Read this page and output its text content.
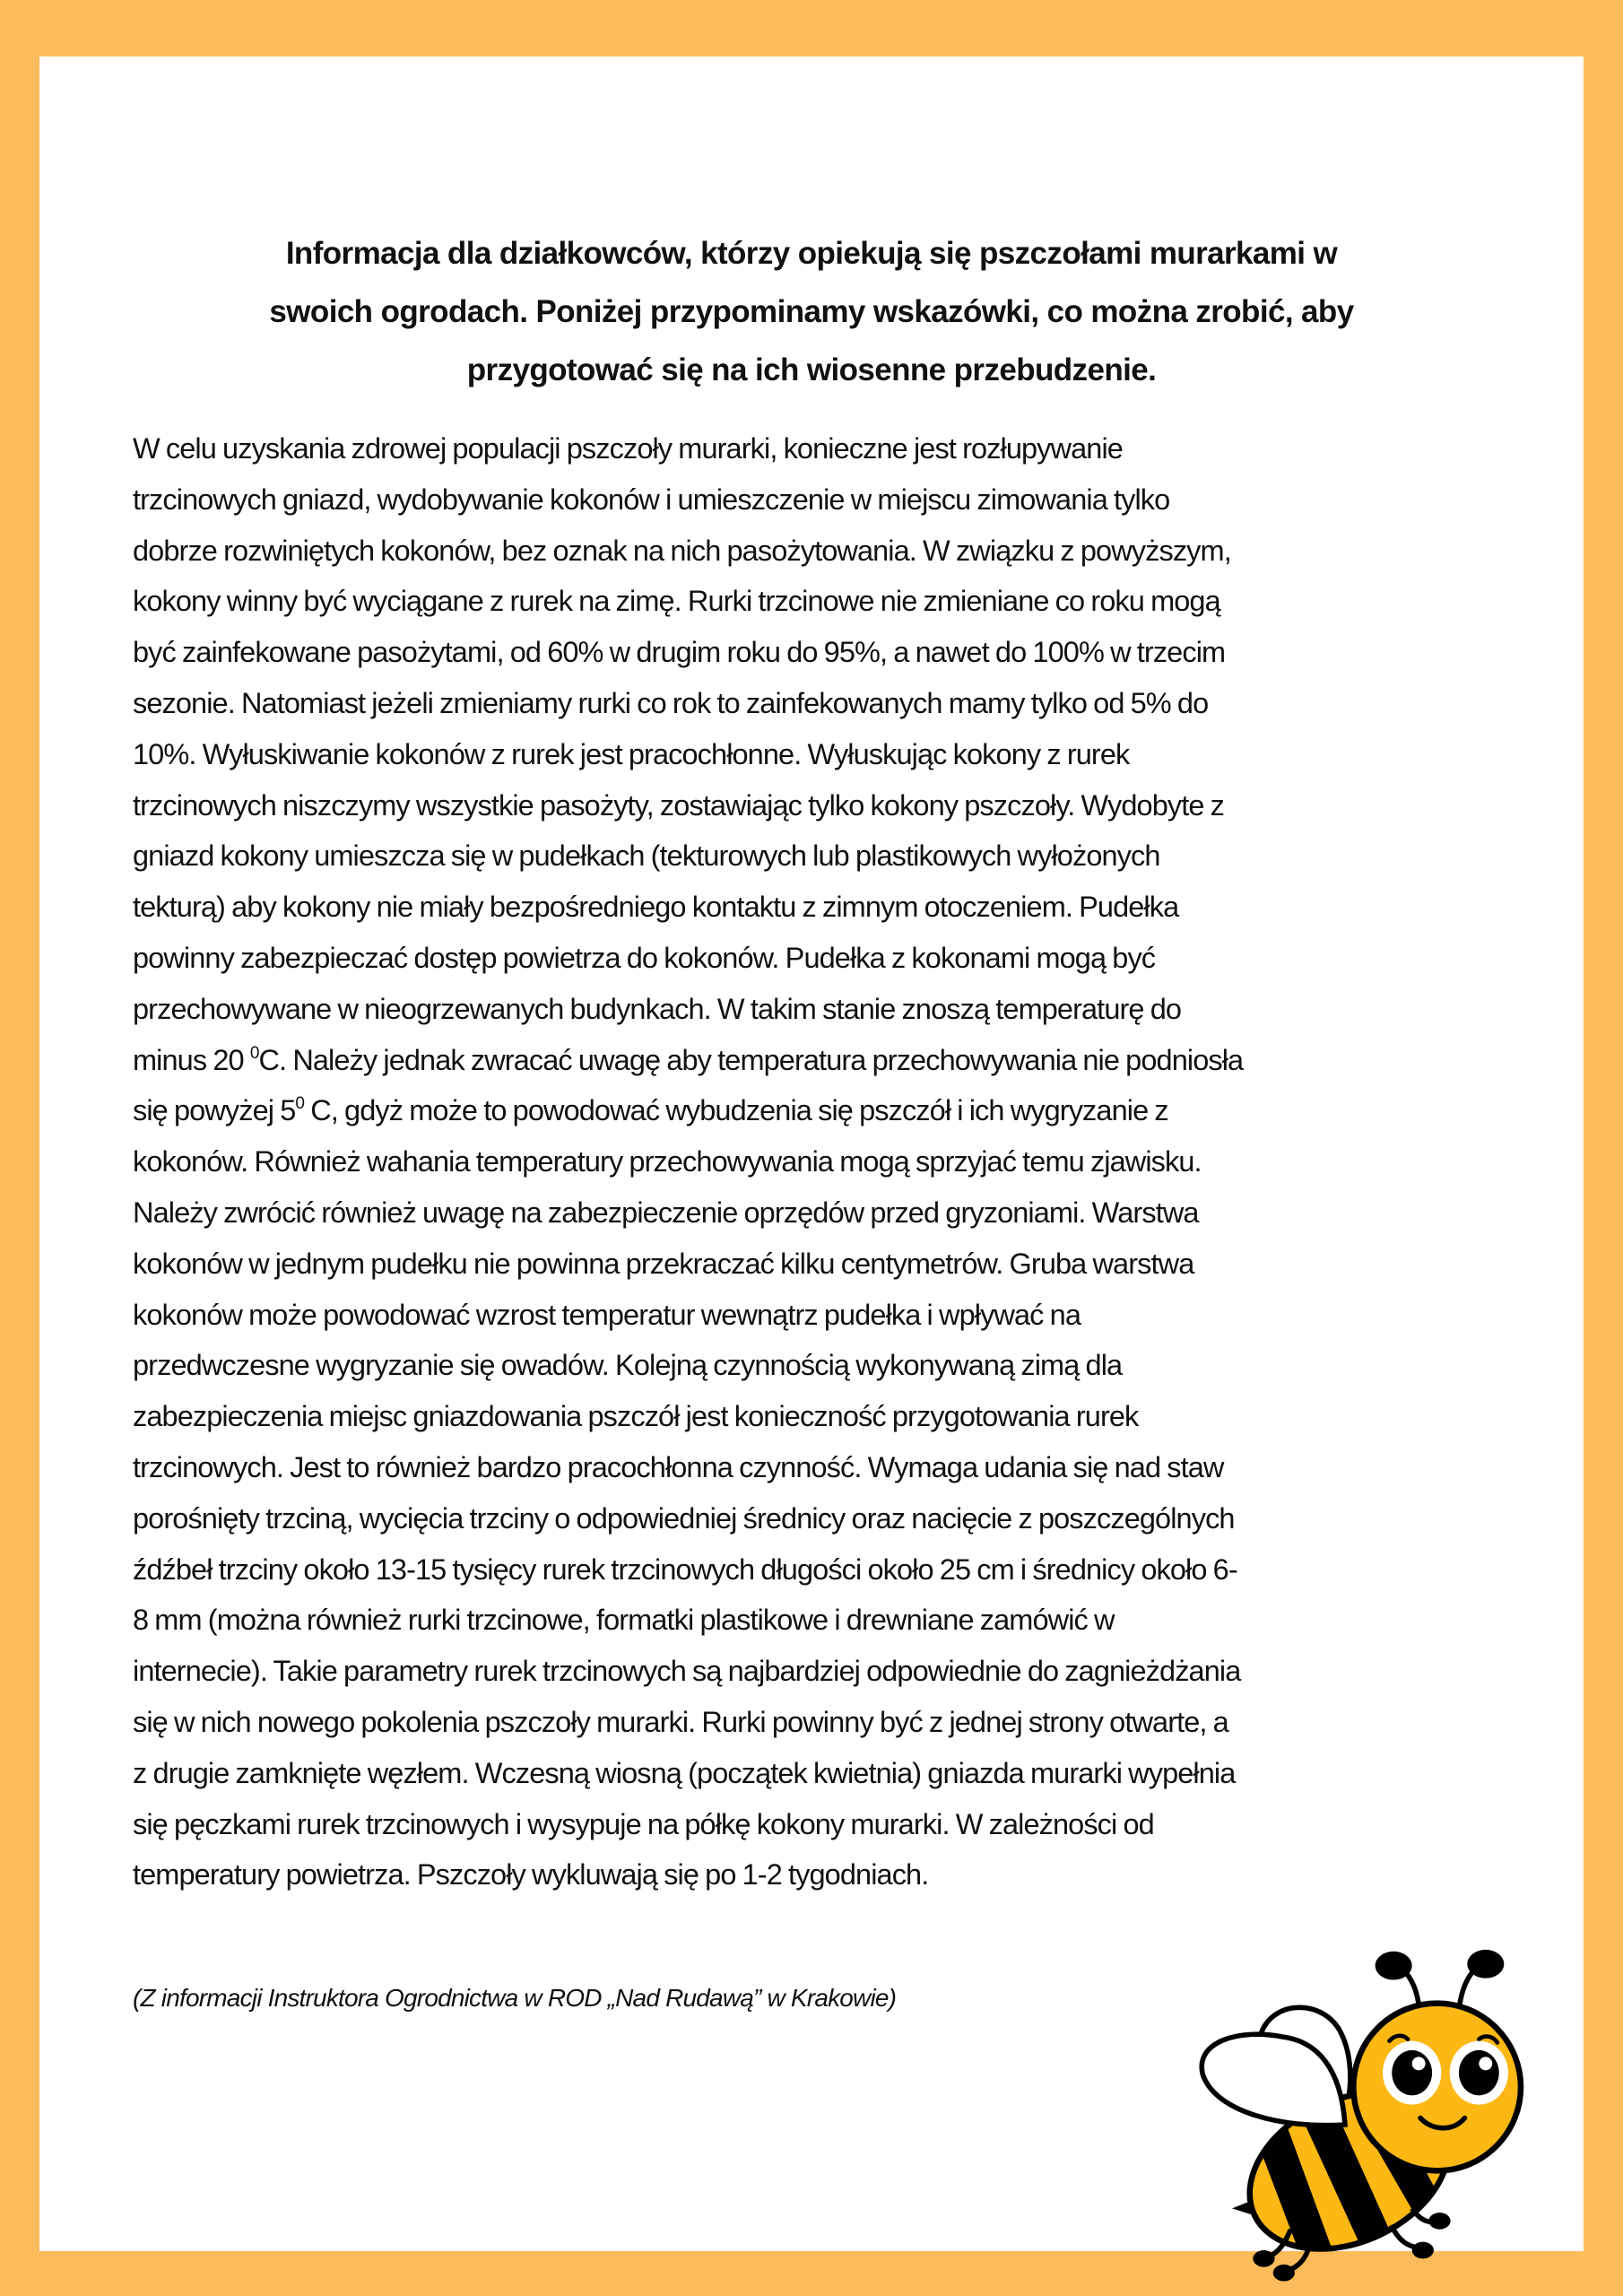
Informacja dla działkowców, którzy opiekują się pszczołami murarkami w
swoich ogrodach. Poniżej przypominamy wskazówki, co można zrobić, aby
przygotować się na ich wiosenne przebudzenie.
W celu uzyskania zdrowej populacji pszczoły murarki, konieczne jest rozłupywanie
trzcinowych gniazd, wydobywanie kokonów i umieszczenie w miejscu zimowania tylko
dobrze rozwiniętych kokonów, bez oznak na nich pasożytowania. W związku z powyższym,
kokony winny być wyciągane z rurek na zimę. Rurki trzcinowe nie zmieniane co roku mogą
być zainfekowane pasożytami, od 60% w drugim roku do 95%, a nawet do 100% w trzecim
sezonie. Natomiast jeżeli zmieniamy rurki co rok to zainfekowanych mamy tylko od 5% do
10%. Wyłuskiwanie kokonów z rurek jest pracochłonne. Wyłuskując kokony z rurek
trzcinowych niszczymy wszystkie pasożyty, zostawiając tylko kokony pszczoły. Wydobyte z
gniazd kokony umieszcza się w pudełkach (tekturowych lub plastikowych wyłożonych
tekturą) aby kokony nie miały bezpośredniego kontaktu z zimnym otoczeniem. Pudełka
powinny zabezpieczać dostęp powietrza do kokonów. Pudełka z kokonami mogą być
przechowywane w nieogrzewanych budynkach. W takim stanie znoszą temperaturę do
minus 20 $^0$C. Należy jednak zwracać uwagę aby temperatura przechowywania nie podniosła
się powyżej $5^0$ C, gdyż może to powodować wybudzenia się pszczół i ich wygryzanie z
kokonów. Również wahania temperatury przechowywania mogą sprzyjać temu zjawisku.
Należy zwrócić również uwagę na zabezpieczenie oprzędów przed gryzoniami. Warstwa
kokonów w jednym pudełku nie powinna przekraczać kilku centymetrów. Gruba warstwa
kokonów może powodować wzrost temperatur wewnątrz pudełka i wpływać na
przedwczesne wygryzanie się owadów. Kolejną czynnością wykonywaną zimą dla
zabezpieczenia miejsc gniazdowania pszczół jest konieczność przygotowania rurek
trzcinowych. Jest to również bardzo pracochłonna czynność. Wymaga udania się nad staw
porośnięty trzciną, wycięcia trzciny o odpowiedniej średnicy oraz nacięcie z poszczególnych
źdźbeł trzciny około 13-15 tysięcy rurek trzcinowych długości około 25 cm i średnicy około 6-
8 mm (można również rurki trzcinowe, formatki plastikowe i drewniane zamówić w
internecie). Takie parametry rurek trzcinowych są najbardziej odpowiednie do zagnieżdżania
się w nich nowego pokolenia pszczoły murarki. Rurki powinny być z jednej strony otwarte, a
z drugie zamknięte węzłem. Wczesną wiosną (początek kwietnia) gniazda murarki wypełnia
się pęczkami rurek trzcinowych i wysypuje na półkę kokony murarki. W zależności od
temperatury powietrza. Pszczoły wykluwają się po 1-2 tygodniach.
(Z informacji Instruktora Ogrodnictwa w ROD „Nad Rudawą” w Krakowie)
